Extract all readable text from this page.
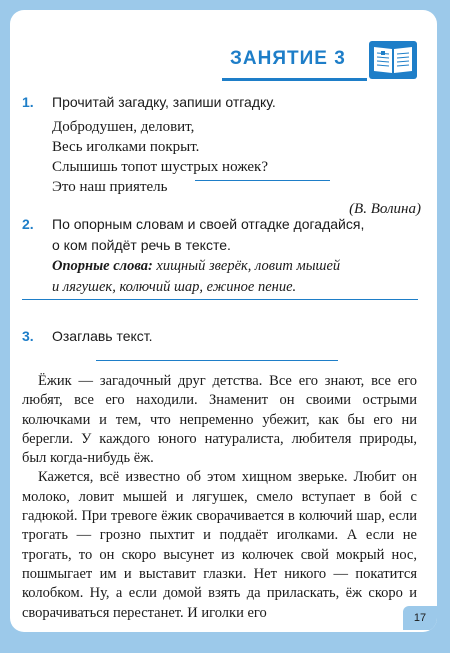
ЗАНЯТИЕ 3
1. Прочитай загадку, запиши отгадку.
Добродушен, деловит,
Весь иголками покрыт.
Слышишь топот шустрых ножек?
Это наш приятель
(В. Волина)
2. По опорным словам и своей отгадке догадайся,
о ком пойдёт речь в тексте.
Опорные слова: хищный зверёк, ловит мышей
и лягушек, колючий шар, ежиное пение.
3. Озаглавь текст.

Ёжик — загадочный друг детства. Все его знают, все его любят, все его находили. Знаменит он своими острыми колючками и тем, что непременно убежит, как бы его ни берегли. У каждого юного натуралиста, любителя природы, был когда-нибудь ёж.

Кажется, всё известно об этом хищном зверьке. Любит он молоко, ловит мышей и лягушек, смело вступает в бой с гадюкой. При тревоге ёжик сворачивается в колючий шар, если трогать — грозно пыхтит и поддаёт иголками. А если не трогать, то он скоро высунет из колючек свой мокрый нос, пошмыгает им и выставит глазки. Нет никого — покатится колобком. Ну, а если домой взять да приласкать, ёж скоро и сворачиваться перестанет. И иголки его	17
